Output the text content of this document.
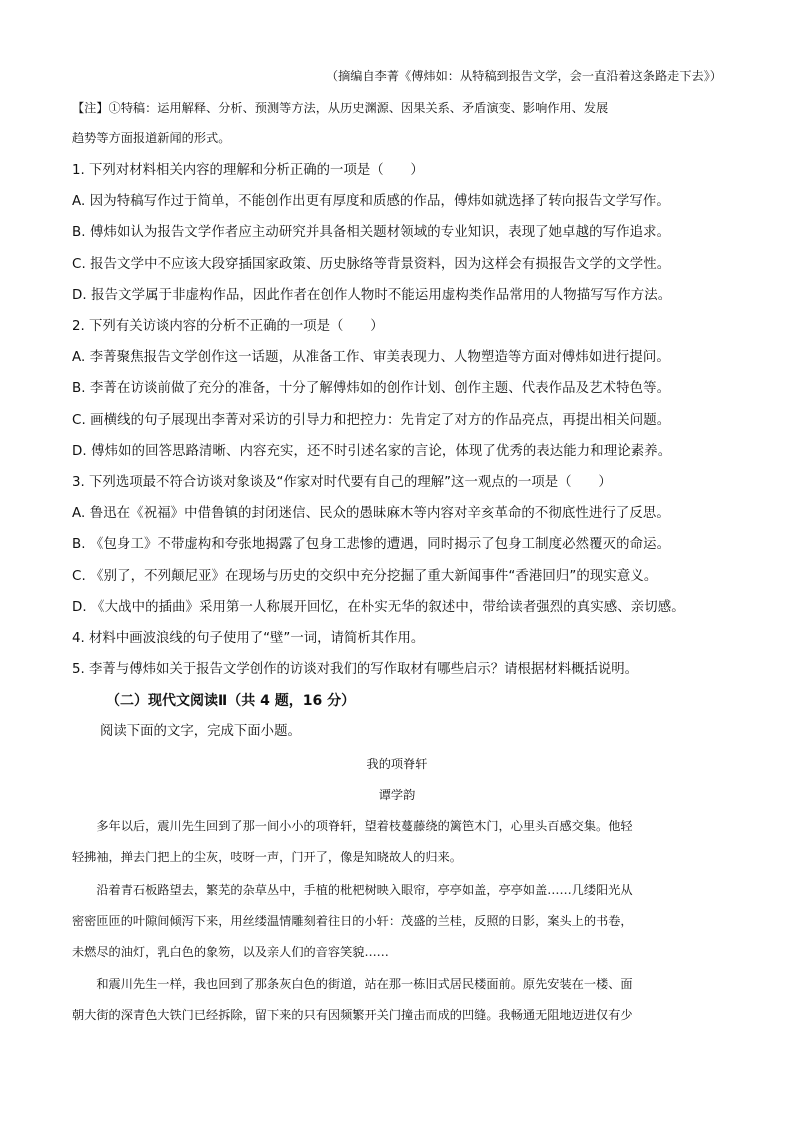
（摘编自李菁《傅炜如：从特稿到报告文学，会一直沿着这条路走下去》）
【注】①特稿：运用解释、分析、预测等方法，从历史渊源、因果关系、矛盾演变、影响作用、发展
趋势等方面报道新闻的形式。
1. 下列对材料相关内容的理解和分析正确的一项是（　　）
A. 因为特稿写作过于简单，不能创作出更有厚度和质感的作品，傅炜如就选择了转向报告文学写作。
B. 傅炜如认为报告文学作者应主动研究并具备相关题材领域的专业知识，表现了她卓越的写作追求。
C. 报告文学中不应该大段穿插国家政策、历史脉络等背景资料，因为这样会有损报告文学的文学性。
D. 报告文学属于非虚构作品，因此作者在创作人物时不能运用虚构类作品常用的人物描写写作方法。
2. 下列有关访谈内容的分析不正确的一项是（　　）
A. 李菁聚焦报告文学创作这一话题，从准备工作、审美表现力、人物塑造等方面对傅炜如进行提问。
B. 李菁在访谈前做了充分的准备，十分了解傅炜如的创作计划、创作主题、代表作品及艺术特色等。
C. 画横线的句子展现出李菁对采访的引导力和把控力：先肯定了对方的作品亮点，再提出相关问题。
D. 傅炜如的回答思路清晰、内容充实，还不时引述名家的言论，体现了优秀的表达能力和理论素养。
3. 下列选项最不符合访谈对象谈及“作家对时代要有自己的理解”这一观点的一项是（　　）
A. 鲁迅在《祝福》中借鲁镇的封闭迷信、民众的愚昧麻木等内容对辛亥革命的不彻底性进行了反思。
B. 《包身工》不带虚构和夸张地揭露了包身工悲惨的遭遇，同时揭示了包身工制度必然覆灭的命运。
C. 《别了，不列颠尼亚》在现场与历史的交织中充分挖掘了重大新闻事件“香港回归”的现实意义。
D. 《大战中的插曲》采用第一人称展开回忆，在朴实无华的叙述中，带给读者强烈的真实感、亲切感。
4. 材料中画波浪线的句子使用了“壁”一词，请简析其作用。
5. 李菁与傅炜如关于报告文学创作的访谈对我们的写作取材有哪些启示？请根据材料概括说明。
（二）现代文阅读Ⅱ（共 4 题，16 分）
阅读下面的文字，完成下面小题。
我的项脊轩
谭学韵
　　多年以后，震川先生回到了那一间小小的项脊轩，望着枝蔓藤绕的篱笆木门，心里头百感交集。他轻
轻拂袖，掸去门把上的尘灰，吱呀一声，门开了，像是知晓故人的归来。
　　沿着青石板路望去，繁芜的杂草丛中，手植的枇杷树映入眼帘，亭亭如盖，亭亭如盖……几缕阳光从
密密匝匝的叶隙间倾泻下来，用丝缕温情雕刻着往日的小轩：茂盛的兰桂，反照的日影，案头上的书卷，
未燃尽的油灯，乳白色的象笏，以及亲人们的音容笑貌……
　　和震川先生一样，我也回到了那条灰白色的街道，站在那一栋旧式居民楼面前。原先安装在一楼、面
朝大街的深青色大铁门已经拆除，留下来的只有因频繁开关门撞击而成的凹缝。我畅通无阻地迈进仅有少
